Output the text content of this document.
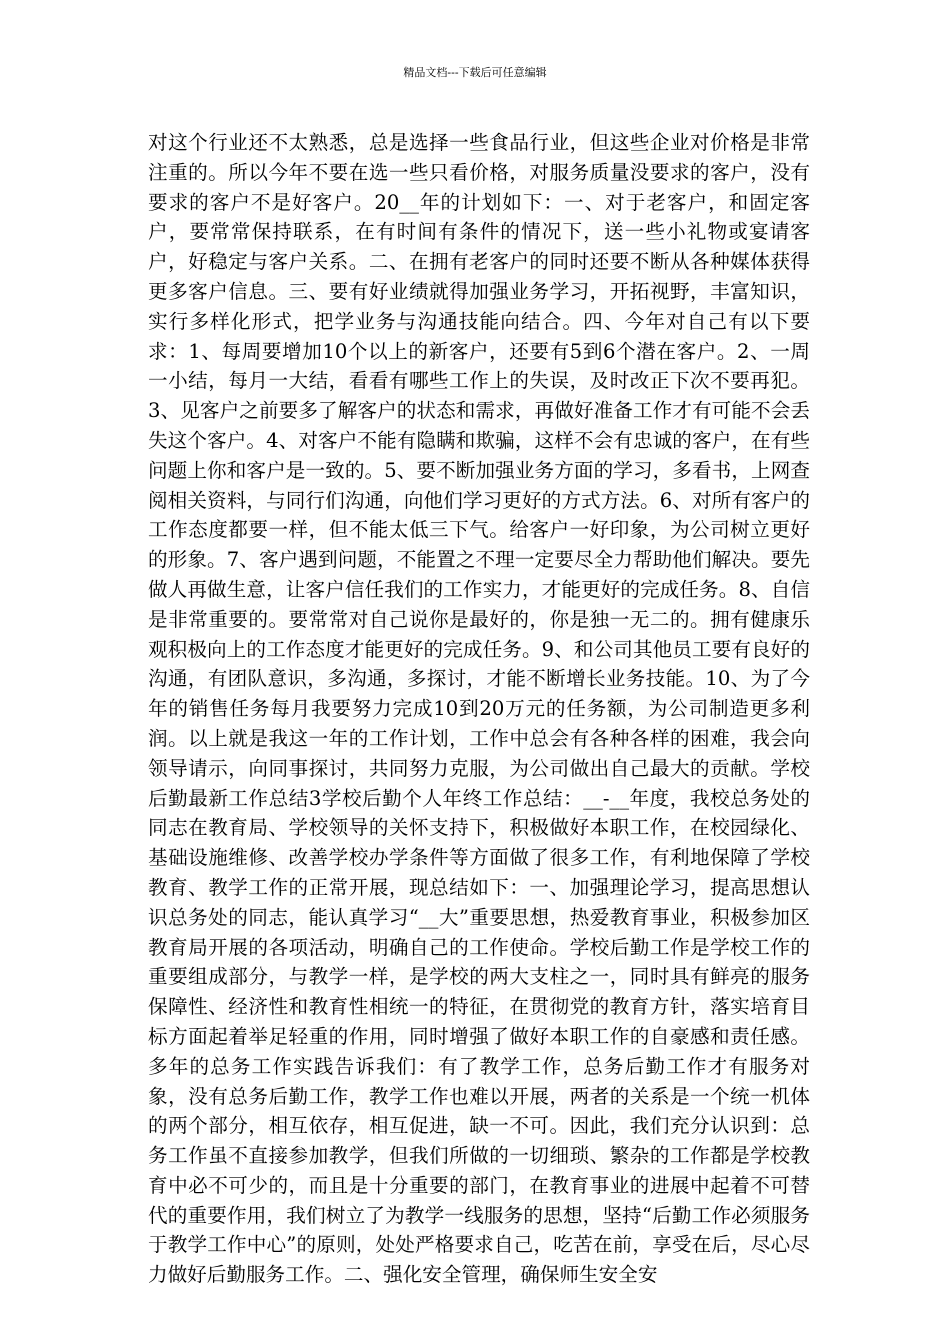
精品文档---下载后可任意编辑

对这个行业还不太熟悉，总是选择一些食品行业，但这些企业对价格是非常注重的。所以今年不要在选一些只看价格，对服务质量没要求的客户，没有要求的客户不是好客户。20__年的计划如下：一、对于老客户，和固定客户，要常常保持联系，在有时间有条件的情况下，送一些小礼物或宴请客户，好稳定与客户关系。二、在拥有老客户的同时还要不断从各种媒体获得更多客户信息。三、要有好业绩就得加强业务学习，开拓视野，丰富知识，实行多样化形式，把学业务与沟通技能向结合。四、今年对自己有以下要求：1、每周要增加10个以上的新客户，还要有5到6个潜在客户。2、一周一小结，每月一大结，看看有哪些工作上的失误，及时改正下次不要再犯。3、见客户之前要多了解客户的状态和需求，再做好准备工作才有可能不会丢失这个客户。4、对客户不能有隐瞒和欺骗，这样不会有忠诚的客户，在有些问题上你和客户是一致的。5、要不断加强业务方面的学习，多看书，上网查阅相关资料，与同行们沟通，向他们学习更好的方式方法。6、对所有客户的工作态度都要一样，但不能太低三下气。给客户一好印象，为公司树立更好的形象。7、客户遇到问题，不能置之不理一定要尽全力帮助他们解决。要先做人再做生意，让客户信任我们的工作实力，才能更好的完成任务。8、自信是非常重要的。要常常对自己说你是最好的，你是独一无二的。拥有健康乐观积极向上的工作态度才能更好的完成任务。9、和公司其他员工要有良好的沟通，有团队意识，多沟通，多探讨，才能不断增长业务技能。10、为了今年的销售任务每月我要努力完成10到20万元的任务额，为公司制造更多利润。以上就是我这一年的工作计划，工作中总会有各种各样的困难，我会向领导请示，向同事探讨，共同努力克服，为公司做出自己最大的贡献。学校后勤最新工作总结3学校后勤个人年终工作总结：__-__年度，我校总务处的同志在教育局、学校领导的关怀支持下，积极做好本职工作，在校园绿化、基础设施维修、改善学校办学条件等方面做了很多工作，有利地保障了学校教育、教学工作的正常开展，现总结如下：一、加强理论学习，提高思想认识总务处的同志，能认真学习“__大”重要思想，热爱教育事业，积极参加区教育局开展的各项活动，明确自己的工作使命。学校后勤工作是学校工作的重要组成部分，与教学一样，是学校的两大支柱之一，同时具有鲜亮的服务保障性、经济性和教育性相统一的特征，在贯彻党的教育方针，落实培育目标方面起着举足轻重的作用，同时增强了做好本职工作的自豪感和责任感。多年的总务工作实践告诉我们：有了教学工作，总务后勤工作才有服务对象，没有总务后勤工作，教学工作也难以开展，两者的关系是一个统一机体的两个部分，相互依存，相互促进，缺一不可。因此，我们充分认识到：总务工作虽不直接参加教学，但我们所做的一切细琐、繁杂的工作都是学校教育中必不可少的，而且是十分重要的部门，在教育事业的进展中起着不可替代的重要作用，我们树立了为教学一线服务的思想，坚持“后勤工作必须服务于教学工作中心”的原则，处处严格要求自己，吃苦在前，享受在后，尽心尽力做好后勤服务工作。二、强化安全管理，确保师生安全安
